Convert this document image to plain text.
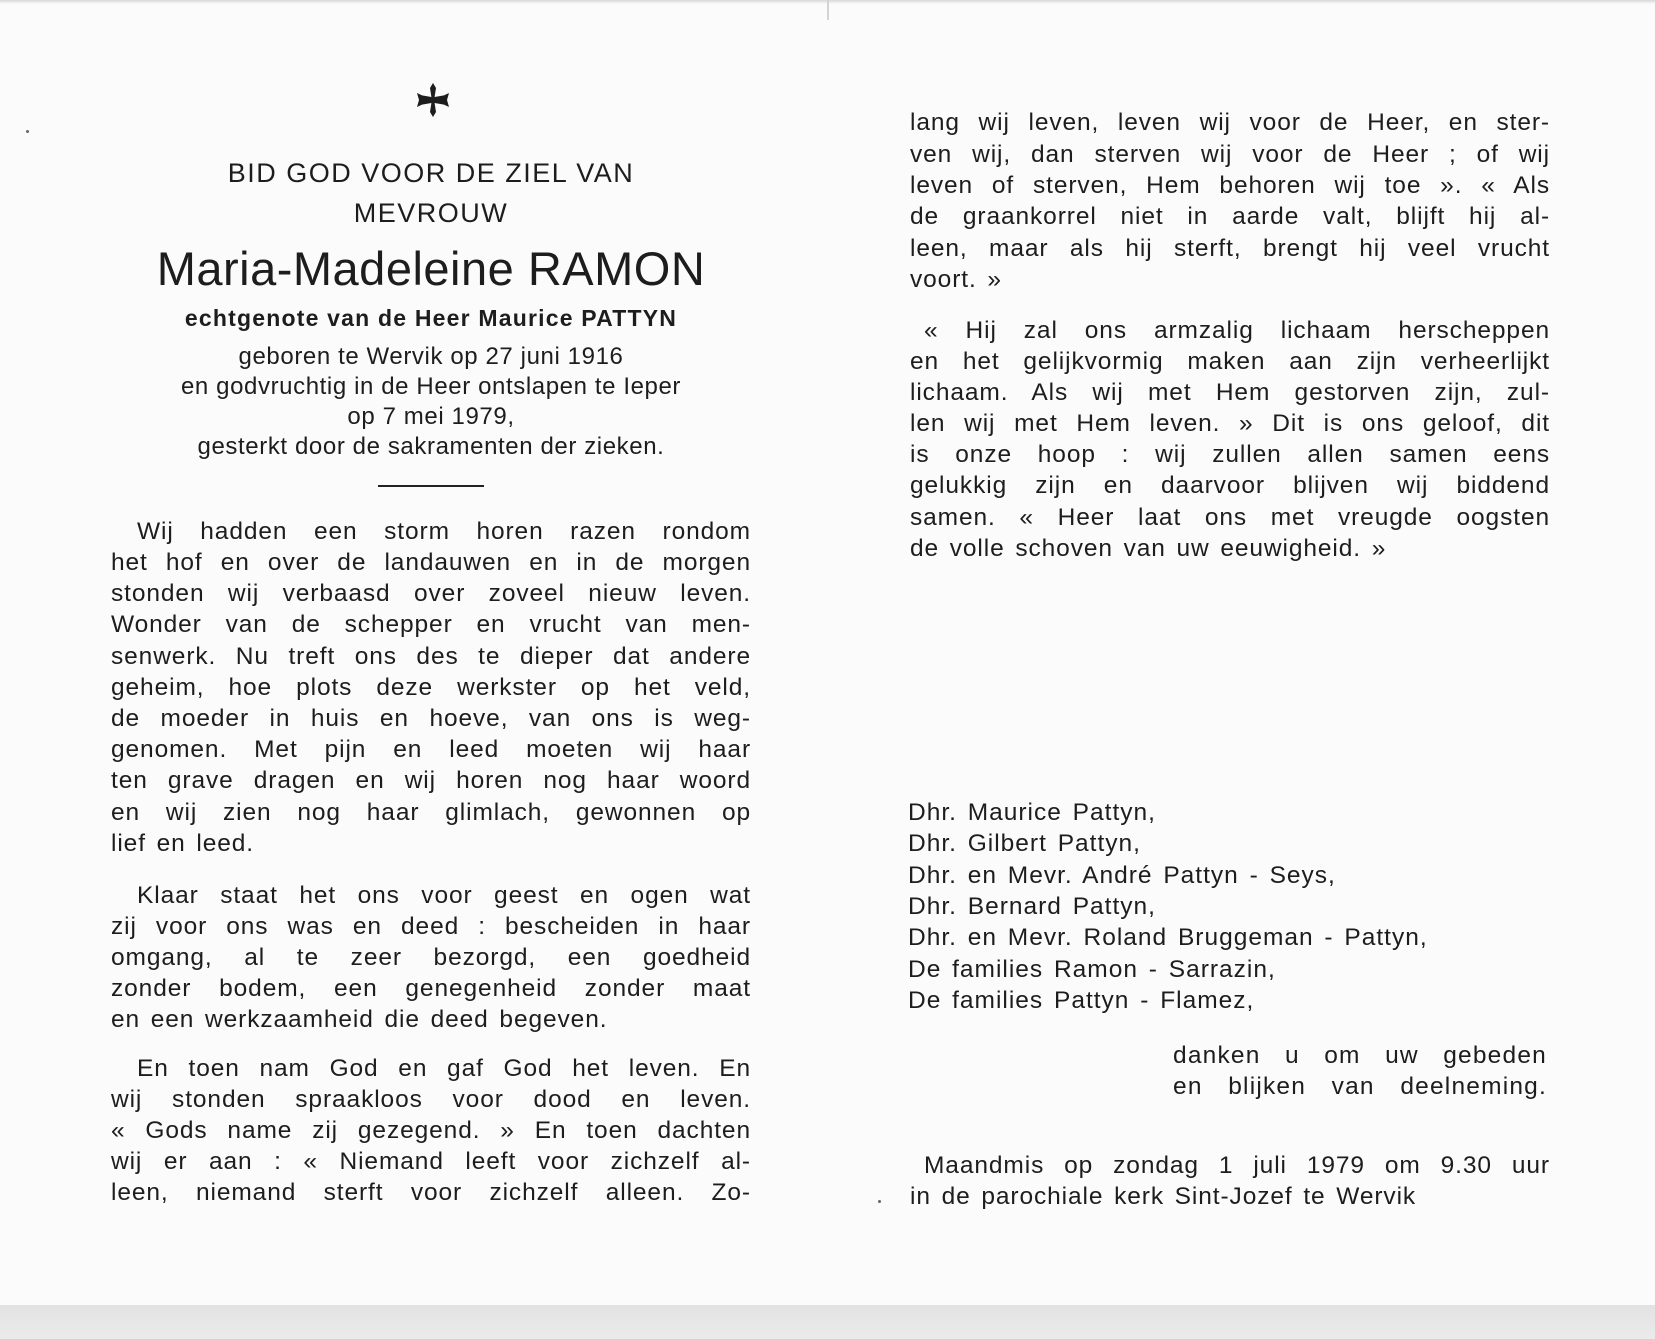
BID GOD VOOR DE ZIEL VAN
MEVROUW
Maria-Madeleine RAMON
echtgenote van de Heer Maurice PATTYN
geboren te Wervik op 27 juni 1916
en godvruchtig in de Heer ontslapen te Ieper
op 7 mei 1979,
gesterkt door de sakramenten der zieken.
Wij hadden een storm horen razen rondom
het hof en over de landauwen en in de morgen
stonden wij verbaasd over zoveel nieuw leven.
Wonder van de schepper en vrucht van men-
senwerk. Nu treft ons des te dieper dat andere
geheim, hoe plots deze werkster op het veld,
de moeder in huis en hoeve, van ons is weg-
genomen. Met pijn en leed moeten wij haar
ten grave dragen en wij horen nog haar woord
en wij zien nog haar glimlach, gewonnen op
lief en leed.
Klaar staat het ons voor geest en ogen wat
zij voor ons was en deed : bescheiden in haar
omgang, al te zeer bezorgd, een goedheid
zonder bodem, een genegenheid zonder maat
en een werkzaamheid die deed begeven.
En toen nam God en gaf God het leven. En
wij stonden spraakloos voor dood en leven.
« Gods name zij gezegend. » En toen dachten
wij er aan : « Niemand leeft voor zichzelf al-
leen, niemand sterft voor zichzelf alleen. Zo-
lang wij leven, leven wij voor de Heer, en ster-
ven wij, dan sterven wij voor de Heer ; of wij
leven of sterven, Hem behoren wij toe ». « Als
de graankorrel niet in aarde valt, blijft hij al-
leen, maar als hij sterft, brengt hij veel vrucht
voort. »
« Hij zal ons armzalig lichaam herscheppen
en het gelijkvormig maken aan zijn verheerlijkt
lichaam. Als wij met Hem gestorven zijn, zul-
len wij met Hem leven. » Dit is ons geloof, dit
is onze hoop : wij zullen allen samen eens
gelukkig zijn en daarvoor blijven wij biddend
samen. « Heer laat ons met vreugde oogsten
de volle schoven van uw eeuwigheid. »
Dhr. Maurice Pattyn,
Dhr. Gilbert Pattyn,
Dhr. en Mevr. André Pattyn - Seys,
Dhr. Bernard Pattyn,
Dhr. en Mevr. Roland Bruggeman - Pattyn,
De families Ramon - Sarrazin,
De families Pattyn - Flamez,
danken u om uw gebeden
en blijken van deelneming.
Maandmis op zondag 1 juli 1979 om 9.30 uur
in de parochiale kerk Sint-Jozef te Wervik
